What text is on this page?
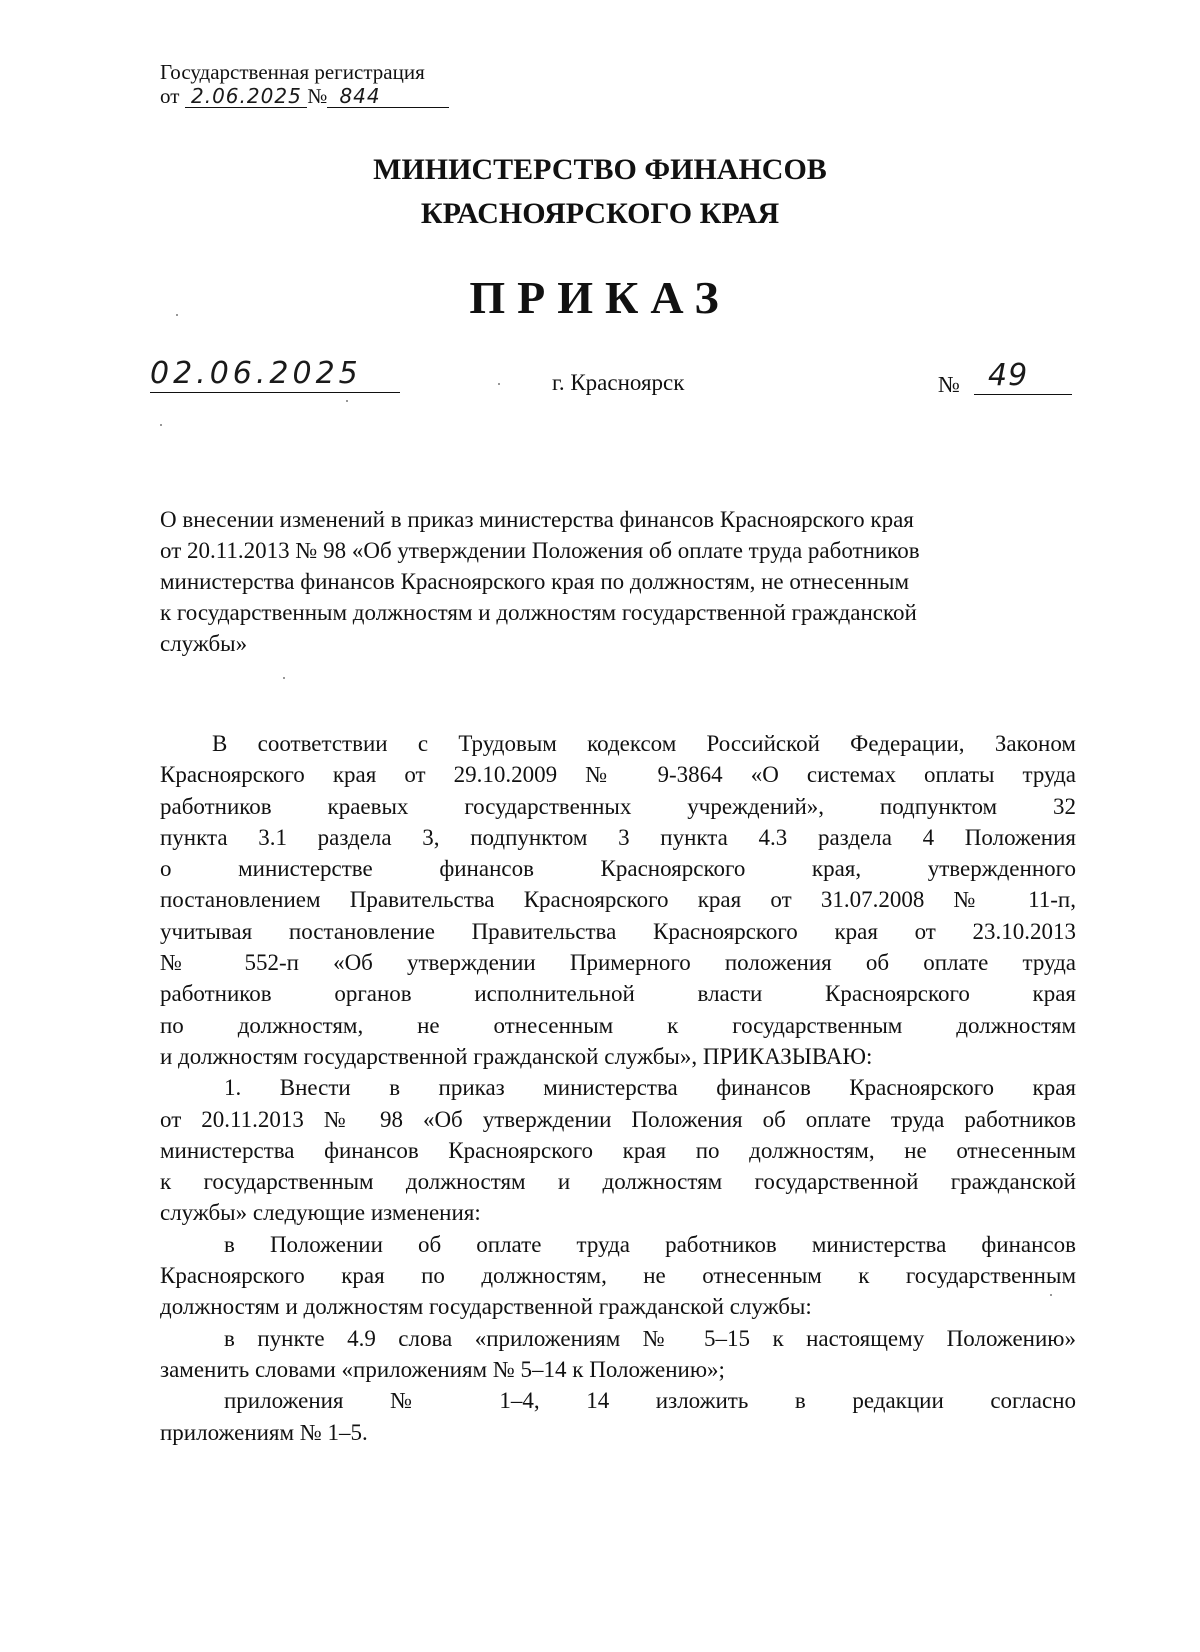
Государственная регистрация
от 2.06.2025 № 844
МИНИСТЕРСТВО ФИНАНСОВ
КРАСНОЯРСКОГО КРАЯ
ПРИКАЗ
02.06.2025	г. Красноярск	№ 49
О внесении изменений в приказ министерства финансов Красноярского края
от 20.11.2013 № 98 «Об утверждении Положения об оплате труда работников
министерства финансов Красноярского края по должностям, не отнесенным
к государственным должностям и должностям государственной гражданской
службы»
В соответствии с Трудовым кодексом Российской Федерации, Законом
Красноярского края от 29.10.2009 № 9-3864 «О системах оплаты труда
работников краевых государственных учреждений», подпунктом 32
пункта 3.1 раздела 3, подпунктом 3 пункта 4.3 раздела 4 Положения
о министерстве финансов Красноярского края, утвержденного
постановлением Правительства Красноярского края от 31.07.2008 № 11-п,
учитывая постановление Правительства Красноярского края от 23.10.2013
№ 552-п «Об утверждении Примерного положения об оплате труда
работников органов исполнительной власти Красноярского края
по должностям, не отнесенным к государственным должностям
и должностям государственной гражданской службы», ПРИКАЗЫВАЮ:
1. Внести в приказ министерства финансов Красноярского края
от 20.11.2013 № 98 «Об утверждении Положения об оплате труда работников
министерства финансов Красноярского края по должностям, не отнесенным
к государственным должностям и должностям государственной гражданской
службы» следующие изменения:
в Положении об оплате труда работников министерства финансов
Красноярского края по должностям, не отнесенным к государственным
должностям и должностям государственной гражданской службы:
в пункте 4.9 слова «приложениям № 5–15 к настоящему Положению»
заменить словами «приложениям № 5–14 к Положению»;
приложения № 1–4, 14 изложить в редакции согласно
приложениям № 1–5.
